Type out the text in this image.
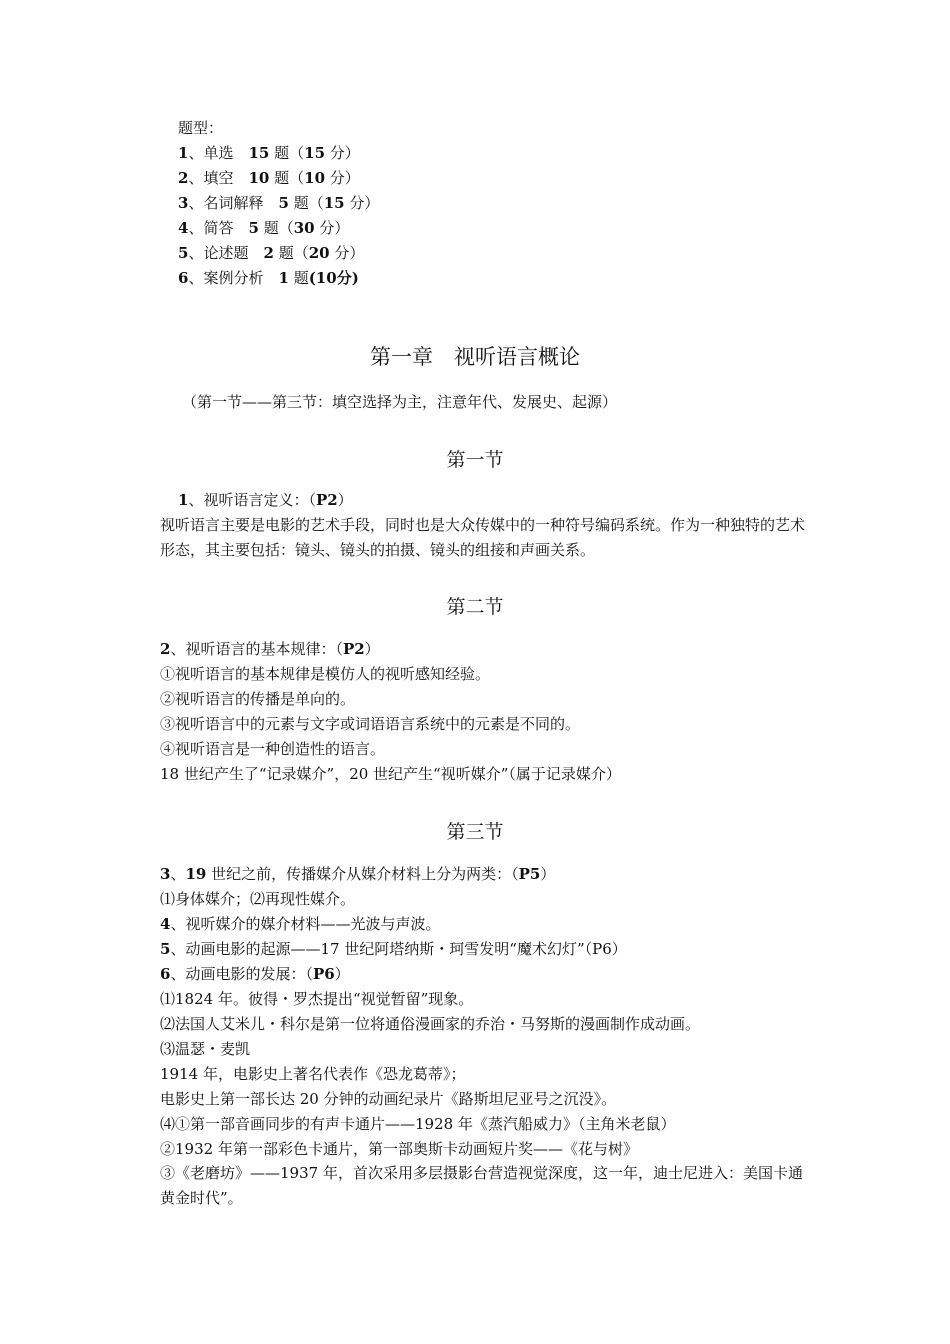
题型：
1、单选  15 题（15 分）
2、填空  10 题（10 分）
3、名词解释  5 题（15 分）
4、简答  5 题（30 分）
5、论述题  2 题（20 分）
6、案例分析  1 题(10分)
第一章　视听语言概论
（第一节——第三节：填空选择为主，注意年代、发展史、起源）
第一节
1、视听语言定义：（P2）
视听语言主要是电影的艺术手段，同时也是大众传媒中的一种符号编码系统。作为一种独特的艺术形态，其主要包括：镜头、镜头的拍摄、镜头的组接和声画关系。
第二节
2、视听语言的基本规律：（P2）
①视听语言的基本规律是模仿人的视听感知经验。
②视听语言的传播是单向的。
③视听语言中的元素与文字或词语语言系统中的元素是不同的。
④视听语言是一种创造性的语言。
18 世纪产生了“记录媒介”，20 世纪产生“视听媒介”（属于记录媒介）
第三节
3、19 世纪之前，传播媒介从媒介材料上分为两类：（P5）
⑴身体媒介；⑵再现性媒介。
4、视听媒介的媒介材料——光波与声波。
5、动画电影的起源——17 世纪阿塔纳斯・珂雪发明“魔术幻灯”（P6）
6、动画电影的发展：（P6）
⑴1824 年。彼得・罗杰提出“视觉暂留”现象。
⑵法国人艾米儿・科尔是第一位将通俗漫画家的乔治・马努斯的漫画制作成动画。
⑶温瑟・麦凯
1914 年，电影史上著名代表作《恐龙葛蒂》；
电影史上第一部长达 20 分钟的动画纪录片《路斯坦尼亚号之沉没》。
⑷①第一部音画同步的有声卡通片——1928 年《蒸汽船威力》（主角米老鼠）
②1932 年第一部彩色卡通片，第一部奥斯卡动画短片奖——《花与树》
③《老磨坊》——1937 年，首次采用多层摄影台营造视觉深度，这一年，迪士尼进入：美国卡通黄金时代”。
